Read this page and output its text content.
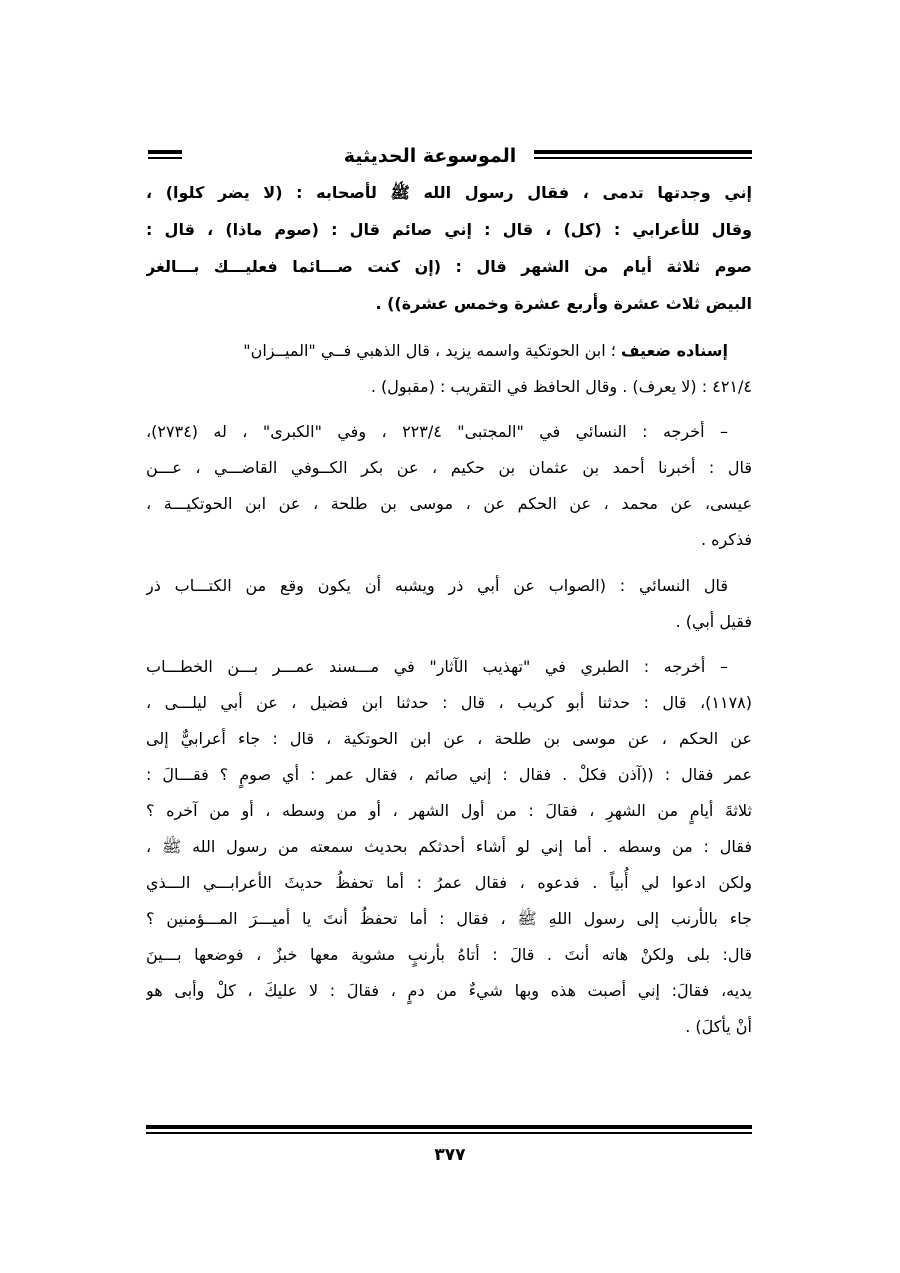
الموسوعة الحديثية
إني وجدتها تدمى ، فقال رسول الله ﷺ لأصحابه : (لا يضر كلوا) ،
وقال للأعرابي : (كل) ، قال : إني صائم قال : (صوم ماذا) ، قال :
صوم ثلاثة أيام من الشهر قال : (إن كنت صـــائما فعليـــك بـــالغر
البيض ثلاث عشرة وأربع عشرة وخمس عشرة)) .
إسناده ضعيف ؛ ابن الحوتكية واسمه يزيد ، قال الذهبي فــي "الميــزان"
٤٢١/٤ : (لا يعرف) . وقال الحافظ في التقريب : (مقبول) .
– أخرجه : النسائي في "المجتبى" ٢٢٣/٤ ، وفي "الكبرى" ، له (٢٧٣٤)،
قال : أخبرنا أحمد بن عثمان بن حكيم ، عن بكر الكــوفي القاضـــي ، عـــن
عيسى، عن محمد ، عن الحكم عن ، موسى بن طلحة ، عن ابن الحوتكيـــة ،
فذكره .
قال النسائي : (الصواب عن أبي ذر ويشبه أن يكون وقع من الكتـــاب ذر
فقيل أبي) .
– أخرجه : الطبري في "تهذيب الآثار" في مـــسند عمـــر بـــن الخطـــاب
(١١٧٨)، قال : حدثنا أبو كريب ، قال : حدثنا ابن فضيل ، عن أبي ليلـــى ،
عن الحكم ، عن موسى بن طلحة ، عن ابن الحوتكية ، قال : جاء أعرابيٌّ إلى
عمر فقال : ((آذن فكلْ . فقال : إني صائم ، فقال عمر : أي صومٍ ؟ فقـــالَ :
ثلاثةَ أيامٍ من الشهرِ ، فقالَ : من أول الشهر ، أو من وسطه ، أو من آخره ؟
فقال : من وسطه . أما إني لو أشاء أحدثكم بحديث سمعته من رسول الله ﷺ ،
ولكن ادعوا لي أُبياً . فدعوه ، فقال عمرُ : أما تحفظُ حديثَ الأعرابـــي الـــذي
جاء بالأرنب إلى رسول اللهِ ﷺ ، فقال : أما تحفظُ أنتَ يا أميـــرَ المـــؤمنين ؟
قال: بلى ولكنْ هاته أنتَ . قالَ : أتاهُ بأرنبٍ مشوية معها خبزٌ ، فوضعها بـــينَ
يديه، فقالَ: إني أصبت هذه وبها شيءٌ من دمٍ ، فقالَ : لا عليكَ ، كلْ وأبى هو
أنْ يأكلَ) .
٣٧٧
